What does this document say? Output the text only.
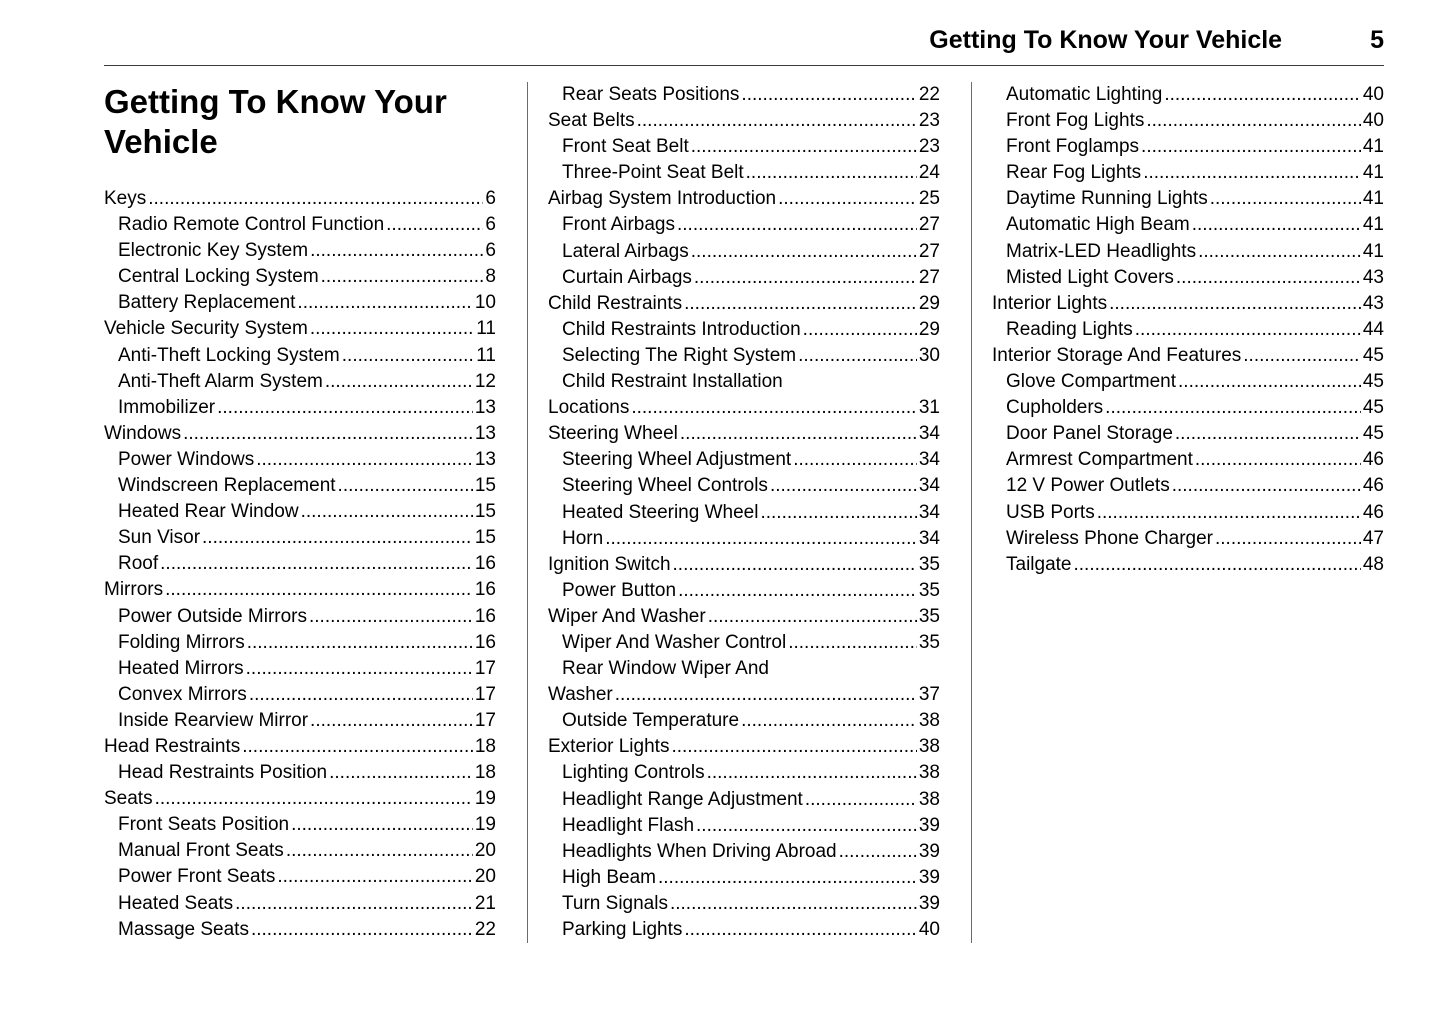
Getting To Know Your Vehicle	5
Getting To Know Your Vehicle
Keys .....	6
Radio Remote Control Function .....	6
Electronic Key System .....	6
Central Locking System .....	8
Battery Replacement .....	10
Vehicle Security System .....	11
Anti-Theft Locking System .....	11
Anti-Theft Alarm System .....	12
Immobilizer .....	13
Windows .....	13
Power Windows .....	13
Windscreen Replacement .....	15
Heated Rear Window .....	15
Sun Visor .....	15
Roof .....	16
Mirrors .....	16
Power Outside Mirrors .....	16
Folding Mirrors .....	16
Heated Mirrors .....	17
Convex Mirrors .....	17
Inside Rearview Mirror .....	17
Head Restraints .....	18
Head Restraints Position .....	18
Seats .....	19
Front Seats Position .....	19
Manual Front Seats .....	20
Power Front Seats .....	20
Heated Seats .....	21
Massage Seats .....	22
Rear Seats Positions .....	22
Seat Belts .....	23
Front Seat Belt .....	23
Three-Point Seat Belt .....	24
Airbag System Introduction .....	25
Front Airbags .....	27
Lateral Airbags .....	27
Curtain Airbags .....	27
Child Restraints .....	29
Child Restraints Introduction .....	29
Selecting The Right System .....	30
Child Restraint Installation
Locations .....	31
Steering Wheel .....	34
Steering Wheel Adjustment .....	34
Steering Wheel Controls .....	34
Heated Steering Wheel .....	34
Horn .....	34
Ignition Switch .....	35
Power Button .....	35
Wiper And Washer .....	35
Wiper And Washer Control .....	35
Rear Window Wiper And
Washer .....	37
Outside Temperature .....	38
Exterior Lights .....	38
Lighting Controls .....	38
Headlight Range Adjustment .....	38
Headlight Flash .....	39
Headlights When Driving Abroad .....	39
High Beam .....	39
Turn Signals .....	39
Parking Lights .....	40
Automatic Lighting .....	40
Front Fog Lights .....	40
Front Foglamps .....	41
Rear Fog Lights .....	41
Daytime Running Lights .....	41
Automatic High Beam .....	41
Matrix-LED Headlights .....	41
Misted Light Covers .....	43
Interior Lights .....	43
Reading Lights .....	44
Interior Storage And Features .....	45
Glove Compartment .....	45
Cupholders .....	45
Door Panel Storage .....	45
Armrest Compartment .....	46
12 V Power Outlets .....	46
USB Ports .....	46
Wireless Phone Charger .....	47
Tailgate .....	48
